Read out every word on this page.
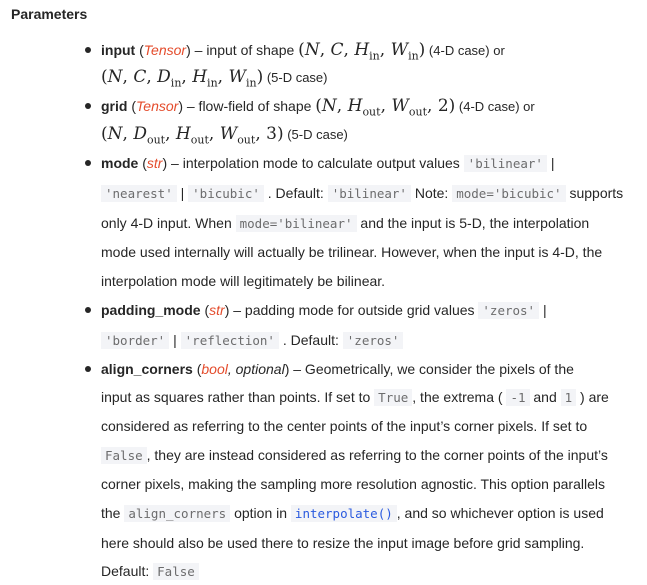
Parameters
input (Tensor) – input of shape (N, C, $H_{in}$, $W_{in}$) (4-D case) or
(N, C, $D_{in}$, $H_{in}$, $W_{in}$) (5-D case)
grid (Tensor) – flow-field of shape (N, $H_{out}$, $W_{out}$, 2) (4-D case) or
(N, $D_{out}$, $H_{out}$, $W_{out}$, 3) (5-D case)
mode (str) – interpolation mode to calculate output values 'bilinear' |
'nearest' | 'bicubic' . Default: 'bilinear' Note: mode='bicubic' supports
only 4-D input. When mode='bilinear' and the input is 5-D, the interpolation
mode used internally will actually be trilinear. However, when the input is 4-D, the
interpolation mode will legitimately be bilinear.
padding_mode (str) – padding mode for outside grid values 'zeros' |
'border' | 'reflection' . Default: 'zeros'
align_corners (bool, optional) – Geometrically, we consider the pixels of the
input as squares rather than points. If set to True , the extrema ( -1 and 1 ) are
considered as referring to the center points of the input’s corner pixels. If set to
False , they are instead considered as referring to the corner points of the input’s
corner pixels, making the sampling more resolution agnostic. This option parallels
the align_corners option in interpolate() , and so whichever option is used
here should also be used there to resize the input image before grid sampling.
Default: False
